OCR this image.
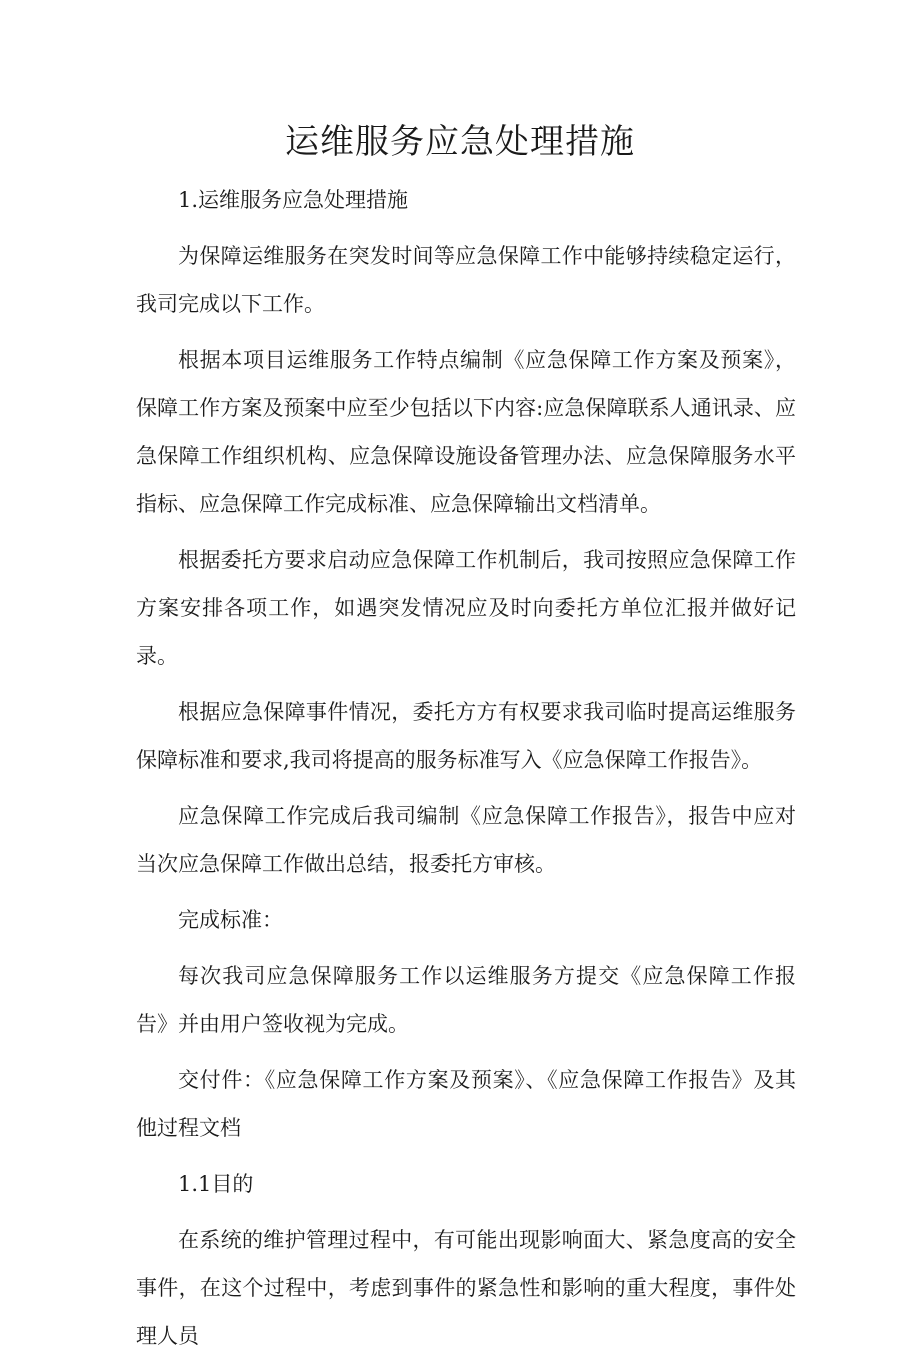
运维服务应急处理措施

1.运维服务应急处理措施

为保障运维服务在突发时间等应急保障工作中能够持续稳定运行，我司完成以下工作。

根据本项目运维服务工作特点编制《应急保障工作方案及预案》，保障工作方案及预案中应至少包括以下内容:应急保障联系人通讯录、应急保障工作组织机构、应急保障设施设备管理办法、应急保障服务水平指标、应急保障工作完成标准、应急保障输出文档清单。

根据委托方要求启动应急保障工作机制后，我司按照应急保障工作方案安排各项工作，如遇突发情况应及时向委托方单位汇报并做好记录。

根据应急保障事件情况，委托方方有权要求我司临时提高运维服务保障标准和要求,我司将提高的服务标准写入《应急保障工作报告》。

应急保障工作完成后我司编制《应急保障工作报告》，报告中应对当次应急保障工作做出总结，报委托方审核。

完成标准：

每次我司应急保障服务工作以运维服务方提交《应急保障工作报告》并由用户签收视为完成。

交付件：《应急保障工作方案及预案》、《应急保障工作报告》及其他过程文档

1.1目的

在系统的维护管理过程中，有可能出现影响面大、紧急度高的安全事件，在这个过程中，考虑到事件的紧急性和影响的重大程度，事件处理人员
